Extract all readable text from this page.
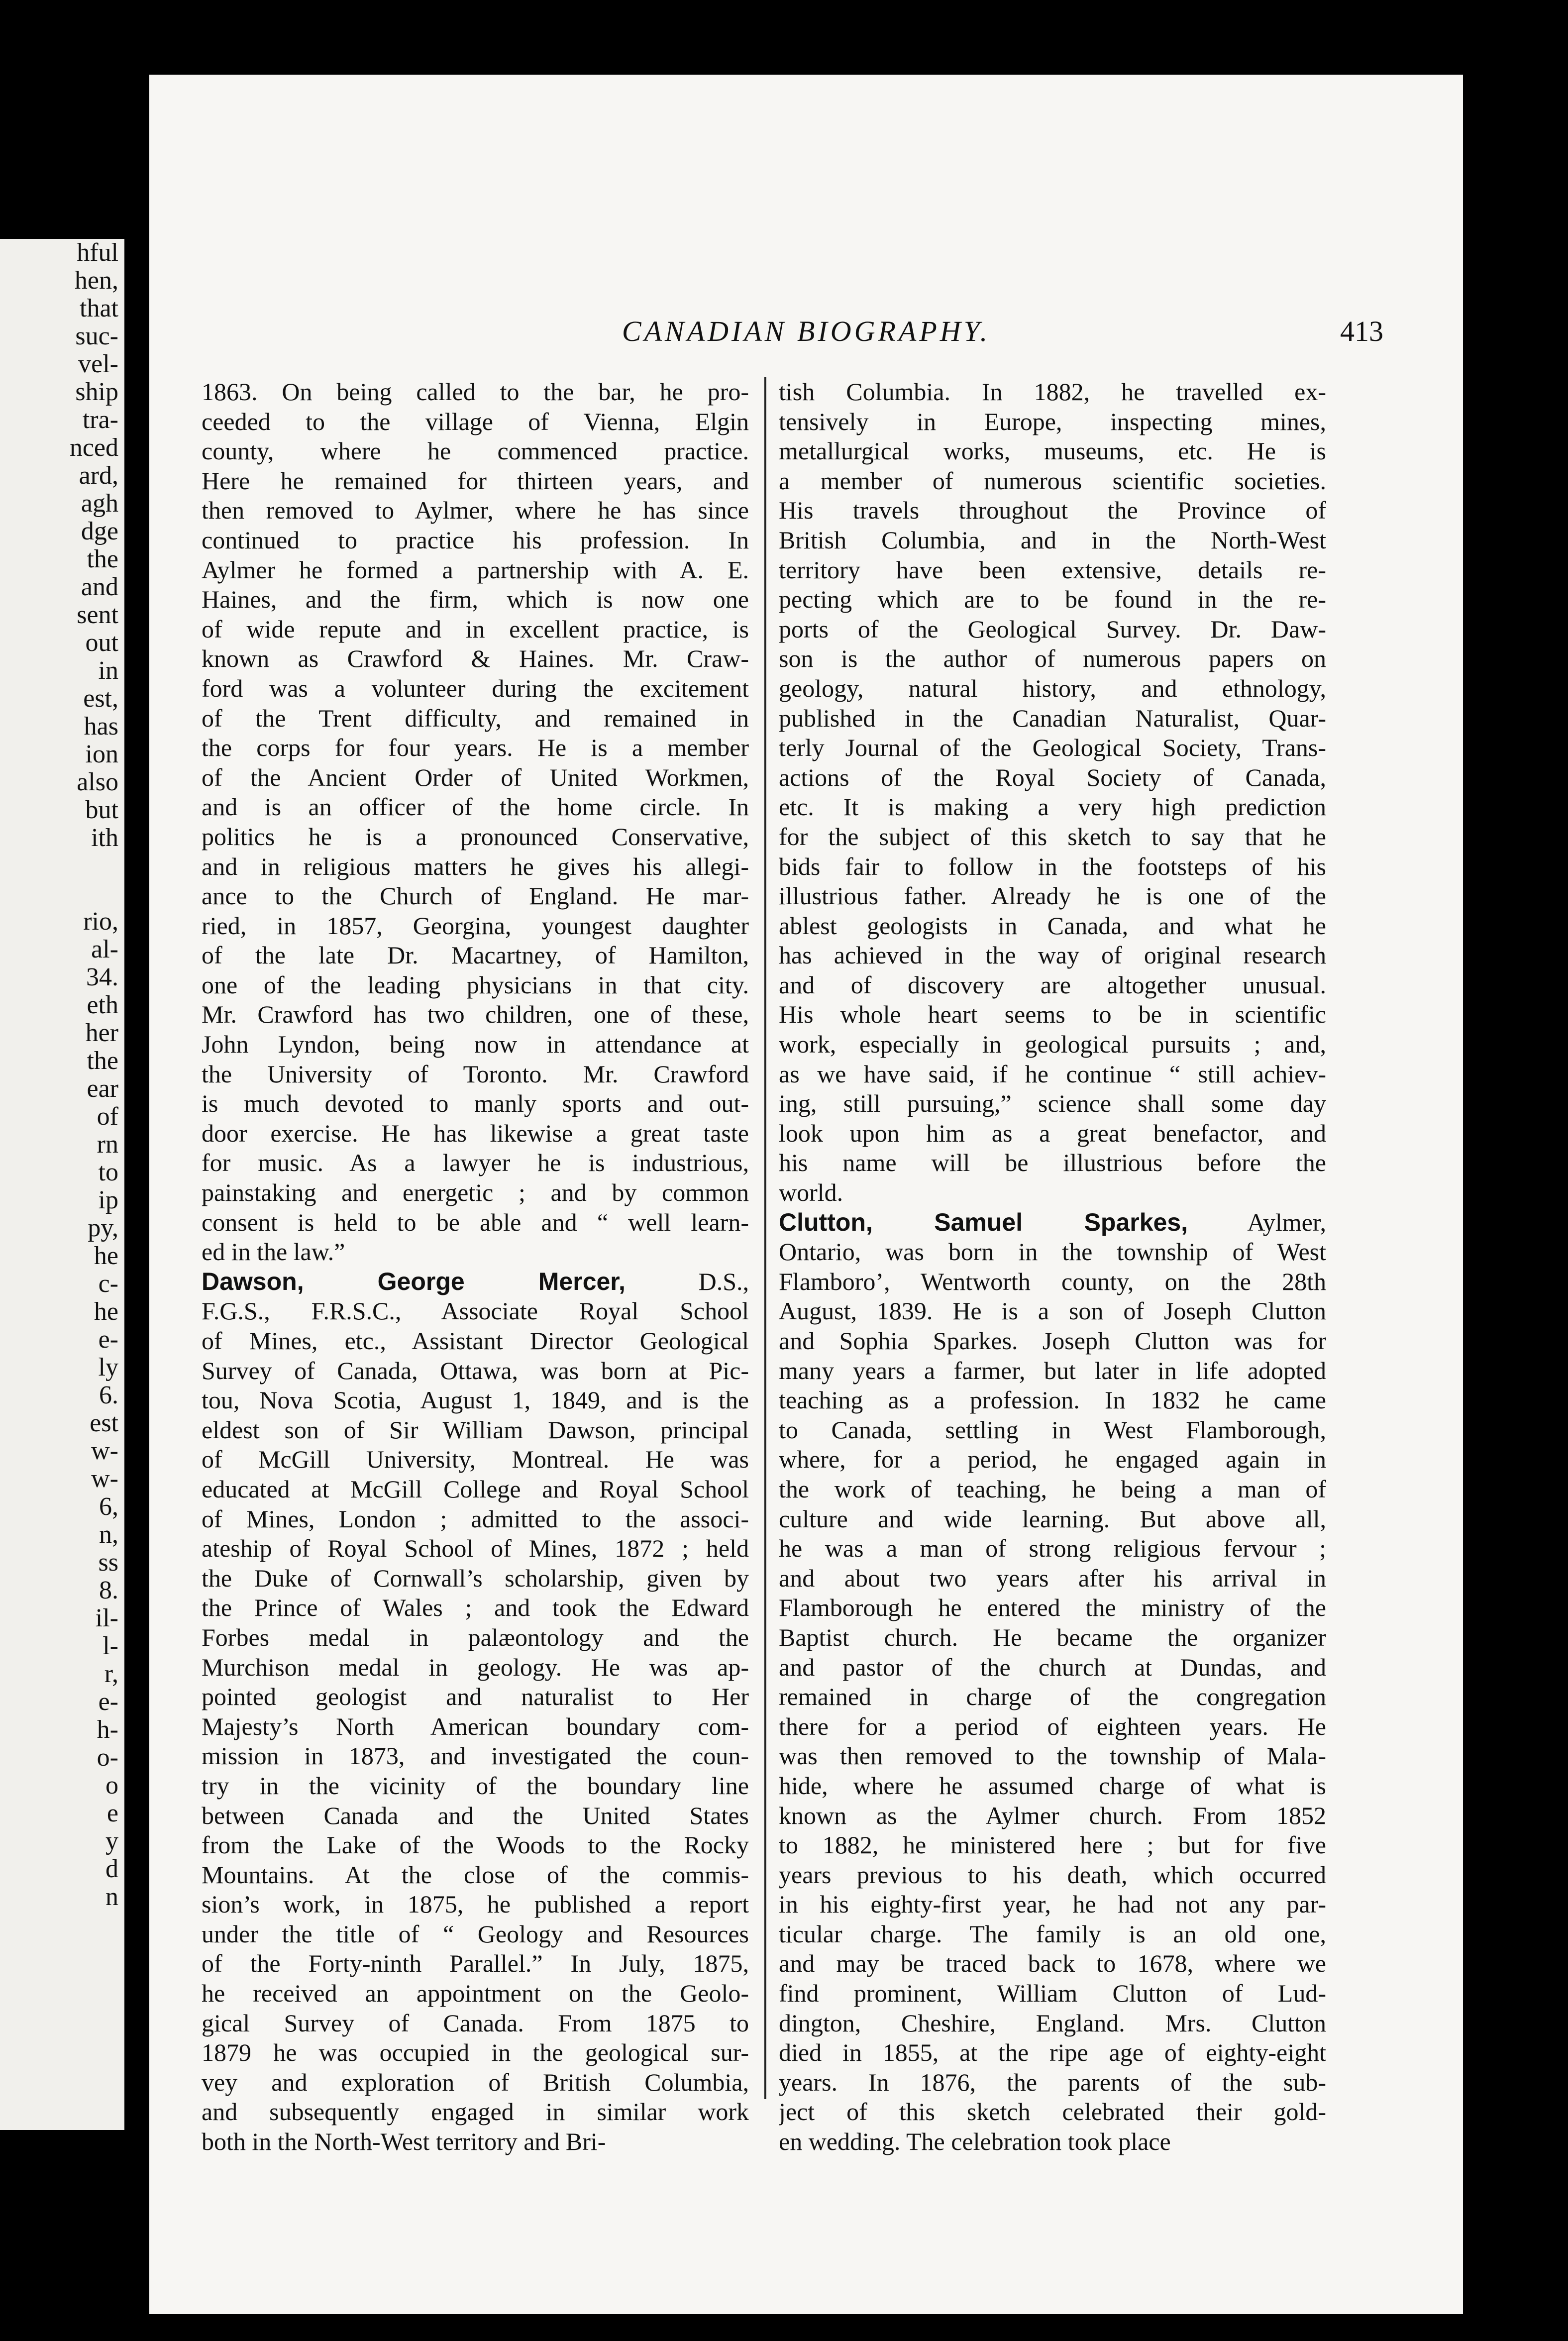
CANADIAN BIOGRAPHY.	413
1863. On being called to the bar, he pro-
ceeded to the village of Vienna, Elgin
county, where he commenced practice.
Here he remained for thirteen years, and
then removed to Aylmer, where he has since
continued to practice his profession. In
Aylmer he formed a partnership with A. E.
Haines, and the firm, which is now one
of wide repute and in excellent practice, is
known as Crawford & Haines. Mr. Craw-
ford was a volunteer during the excitement
of the Trent difficulty, and remained in
the corps for four years. He is a member
of the Ancient Order of United Workmen,
and is an officer of the home circle. In
politics he is a pronounced Conservative,
and in religious matters he gives his allegi-
ance to the Church of England. He mar-
ried, in 1857, Georgina, youngest daughter
of the late Dr. Macartney, of Hamilton,
one of the leading physicians in that city.
Mr. Crawford has two children, one of these,
John Lyndon, being now in attendance at
the University of Toronto. Mr. Crawford
is much devoted to manly sports and out-
door exercise. He has likewise a great taste
for music. As a lawyer he is industrious,
painstaking and energetic ; and by common
consent is held to be able and “ well learn-
ed in the law.”
Dawson, George Mercer, D.S.,
F.G.S., F.R.S.C., Associate Royal School
of Mines, etc., Assistant Director Geological
Survey of Canada, Ottawa, was born at Pic-
tou, Nova Scotia, August 1, 1849, and is the
eldest son of Sir William Dawson, principal
of McGill University, Montreal. He was
educated at McGill College and Royal School
of Mines, London ; admitted to the associ-
ateship of Royal School of Mines, 1872 ; held
the Duke of Cornwall’s scholarship, given by
the Prince of Wales ; and took the Edward
Forbes medal in palæontology and the
Murchison medal in geology. He was ap-
pointed geologist and naturalist to Her
Majesty’s North American boundary com-
mission in 1873, and investigated the coun-
try in the vicinity of the boundary line
between Canada and the United States
from the Lake of the Woods to the Rocky
Mountains. At the close of the commis-
sion’s work, in 1875, he published a report
under the title of “ Geology and Resources
of the Forty-ninth Parallel.” In July, 1875,
he received an appointment on the Geolo-
gical Survey of Canada. From 1875 to
1879 he was occupied in the geological sur-
vey and exploration of British Columbia,
and subsequently engaged in similar work
both in the North-West territory and Bri-
tish Columbia. In 1882, he travelled ex-
tensively in Europe, inspecting mines,
metallurgical works, museums, etc. He is
a member of numerous scientific societies.
His travels throughout the Province of
British Columbia, and in the North-West
territory have been extensive, details re-
pecting which are to be found in the re-
ports of the Geological Survey. Dr. Daw-
son is the author of numerous papers on
geology, natural history, and ethnology,
published in the Canadian Naturalist, Quar-
terly Journal of the Geological Society, Trans-
actions of the Royal Society of Canada,
etc. It is making a very high prediction
for the subject of this sketch to say that he
bids fair to follow in the footsteps of his
illustrious father. Already he is one of the
ablest geologists in Canada, and what he
has achieved in the way of original research
and of discovery are altogether unusual.
His whole heart seems to be in scientific
work, especially in geological pursuits ; and,
as we have said, if he continue “ still achiev-
ing, still pursuing,” science shall some day
look upon him as a great benefactor, and
his name will be illustrious before the
world.
Clutton, Samuel Sparkes, Aylmer,
Ontario, was born in the township of West
Flamboro’, Wentworth county, on the 28th
August, 1839. He is a son of Joseph Clutton
and Sophia Sparkes. Joseph Clutton was for
many years a farmer, but later in life adopted
teaching as a profession. In 1832 he came
to Canada, settling in West Flamborough,
where, for a period, he engaged again in
the work of teaching, he being a man of
culture and wide learning. But above all,
he was a man of strong religious fervour ;
and about two years after his arrival in
Flamborough he entered the ministry of the
Baptist church. He became the organizer
and pastor of the church at Dundas, and
remained in charge of the congregation
there for a period of eighteen years. He
was then removed to the township of Mala-
hide, where he assumed charge of what is
known as the Aylmer church. From 1852
to 1882, he ministered here ; but for five
years previous to his death, which occurred
in his eighty-first year, he had not any par-
ticular charge. The family is an old one,
and may be traced back to 1678, where we
find prominent, William Clutton of Lud-
dington, Cheshire, England. Mrs. Clutton
died in 1855, at the ripe age of eighty-eight
years. In 1876, the parents of the sub-
ject of this sketch celebrated their gold-
en wedding. The celebration took place
hful
hen,
that
suc-
vel-
ship
tra-
nced
ard,
agh
dge
the
and
sent
out
in
est,
has
ion
also
but
ith
rio,
al-
34.
eth
her
the
ear
of
rn
to
ip
py,
he
c-
he
e-
ly
6.
est
w-
w-
6,
n,
ss
8.
il-
l-
r,
e-
h-
o-
o
e
y
d
n
